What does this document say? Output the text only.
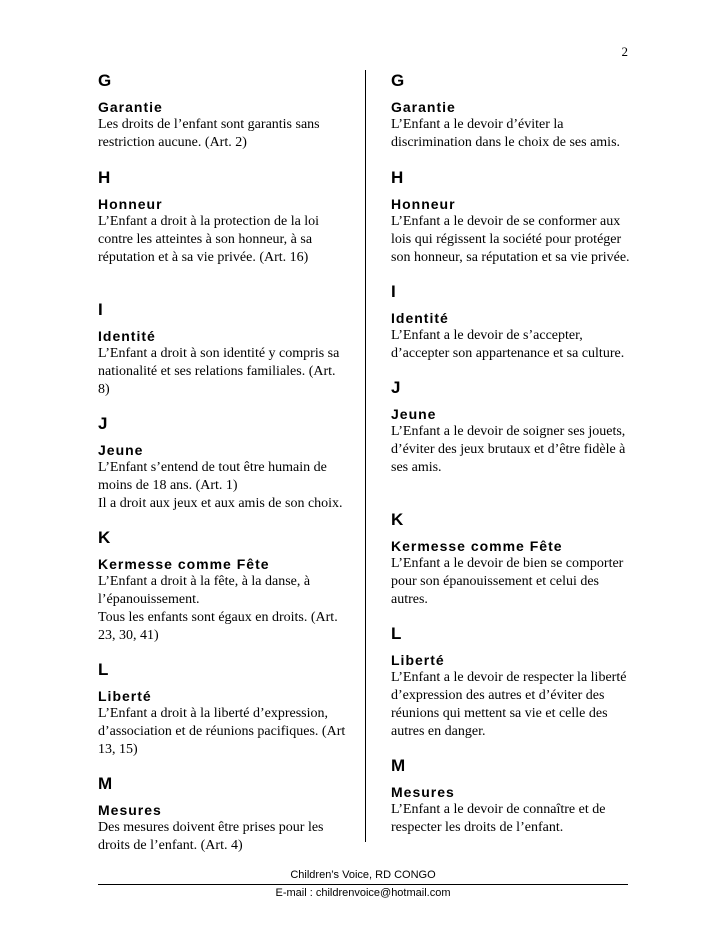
2
G
Garantie
Les droits de l’enfant sont garantis sans restriction aucune. (Art. 2)
H
Honneur
L’Enfant a droit à la protection de la loi contre les atteintes à son honneur, à sa réputation et à sa vie privée. (Art. 16)
I
Identité
L’Enfant a droit à son identité y compris sa nationalité et ses relations familiales. (Art. 8)
J
Jeune
L’Enfant s’entend de tout être humain de moins de 18 ans. (Art. 1)
Il a droit aux jeux et aux amis de son choix.
K
Kermesse comme Fête
L’Enfant a droit à la fête, à la danse, à l’épanouissement.
Tous les enfants sont égaux en droits. (Art. 23, 30, 41)
L
Liberté
L’Enfant a droit à la liberté d’expression, d’association et de réunions pacifiques. (Art 13, 15)
M
Mesures
Des mesures doivent être prises pour les droits de l’enfant. (Art. 4)
G
Garantie
L’Enfant a le devoir d’éviter la discrimination dans le choix de ses amis.
H
Honneur
L’Enfant a le devoir de se conformer aux lois qui régissent la société pour protéger son honneur, sa réputation et sa vie privée.
I
Identité
L’Enfant a le devoir de s’accepter, d’accepter son appartenance et sa culture.
J
Jeune
L’Enfant a le devoir de soigner ses jouets, d’éviter des jeux brutaux et d’être fidèle à ses amis.
K
Kermesse comme Fête
L’Enfant a le devoir de bien se comporter pour son épanouissement et celui des autres.
L
Liberté
L’Enfant a le devoir de respecter la liberté d’expression des autres et d’éviter des réunions qui mettent sa vie et celle des autres en danger.
M
Mesures
L’Enfant a le devoir de connaître et de respecter les droits de l’enfant.
Children’s Voice, RD CONGO
E-mail : childrenvoice@hotmail.com
